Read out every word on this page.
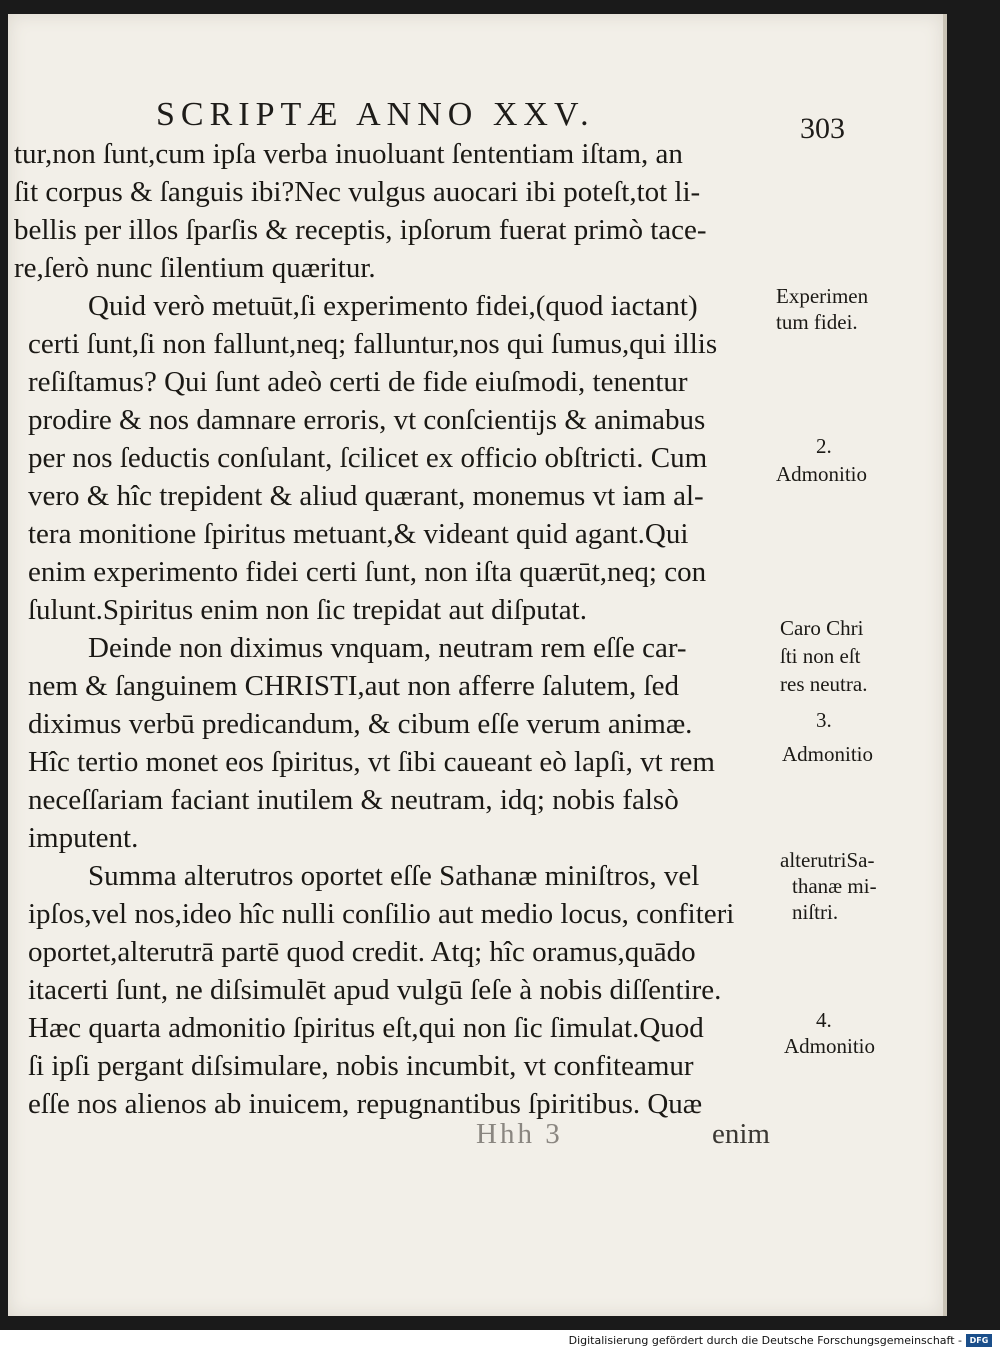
SCRIPTÆ ANNO XXV.	303
tur,non ſunt,cum ipſa verba inuoluant ſententiam iſtam, an
ſit corpus & ſanguis ibi?Nec vulgus auocari ibi poteſt,tot li-
bellis per illos ſparſis & receptis, ipſorum fuerat primò tace-
re,ſerò nunc ſilentium quæritur.
Quid verò metuūt,ſi experimento fidei,(quod iactant)
certi ſunt,ſi non fallunt,neq; falluntur,nos qui ſumus,qui illis
reſiſtamus? Qui ſunt adeò certi de fide eiuſmodi, tenentur
prodire & nos damnare erroris, vt conſcientijs & animabus
per nos ſeductis conſulant, ſcilicet ex officio obſtricti. Cum
vero & hîc trepident & aliud quærant, monemus vt iam al-
tera monitione ſpiritus metuant,& videant quid agant.Qui
enim experimento fidei certi ſunt, non iſta quærūt,neq; con
ſulunt.Spiritus enim non ſic trepidat aut diſputat.
Deinde non diximus vnquam, neutram rem eſſe car-
nem & ſanguinem CHRISTI,aut non afferre ſalutem, ſed
diximus verbū predicandum, & cibum eſſe verum animæ.
Hîc tertio monet eos ſpiritus, vt ſibi caueant eò lapſi, vt rem
neceſſariam faciant inutilem & neutram, idq; nobis falsò
imputent.
Summa alterutros oportet eſſe Sathanæ miniſtros, vel
ipſos,vel nos,ideo hîc nulli conſilio aut medio locus, confiteri
oportet,alterutrā partē quod credit. Atq; hîc oramus,quādo
itacerti ſunt, ne diſsimulēt apud vulgū ſeſe à nobis diſſentire.
Hæc quarta admonitio ſpiritus eſt,qui non ſic ſimulat.Quod
ſi ipſi pergant diſsimulare, nobis incumbit, vt confiteamur
eſſe nos alienos ab inuicem, repugnantibus ſpiritibus. Quæ
Experimen
tum fidei.
2.
Admonitio
Caro Chri
ſti non eſt
res neutra.
3.
Admonitio
alterutriSa-
thanæ mi-
niſtri.
4.
Admonitio
Hhh 3	enim
Digitalisierung gefördert durch die Deutsche Forschungsgemeinschaft - DFG
